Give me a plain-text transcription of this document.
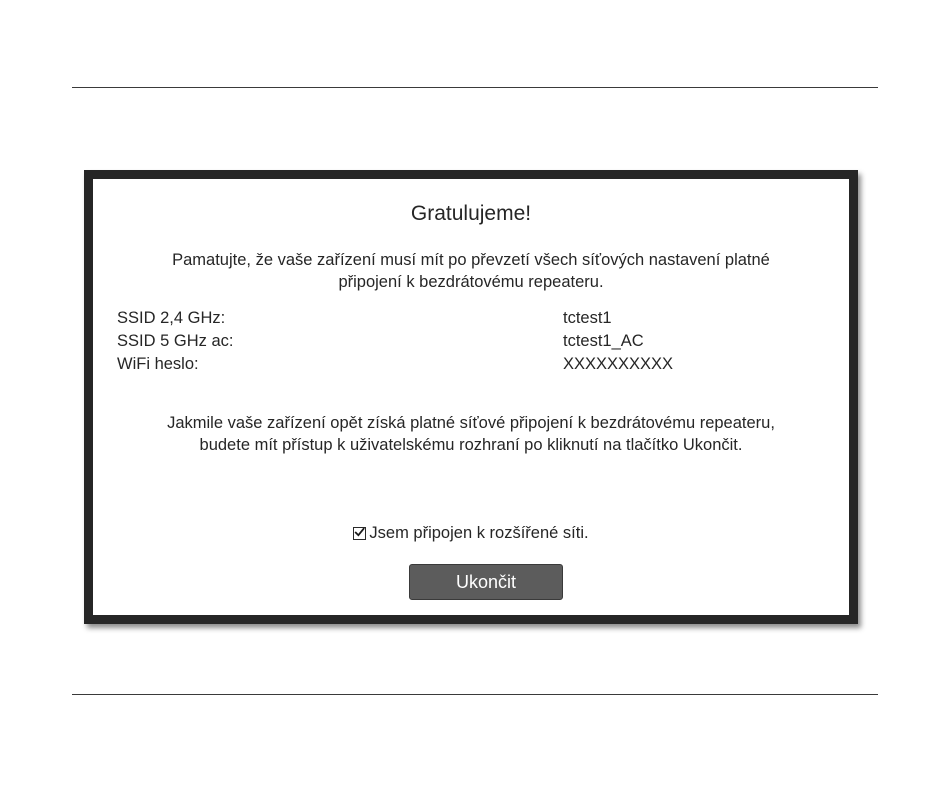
Gratulujeme!
Pamatujte, že vaše zařízení musí mít po převzetí všech síťových nastavení platné
připojení k bezdrátovému repeateru.
SSID 2,4 GHz:	tctest1
SSID 5 GHz ac:	tctest1_AC
WiFi heslo:	XXXXXXXXXX
Jakmile vaše zařízení opět získá platné síťové připojení k bezdrátovému repeateru,
budete mít přístup k uživatelskému rozhraní po kliknutí na tlačítko Ukončit.
Jsem připojen k rozšířené síti.
Ukončit
